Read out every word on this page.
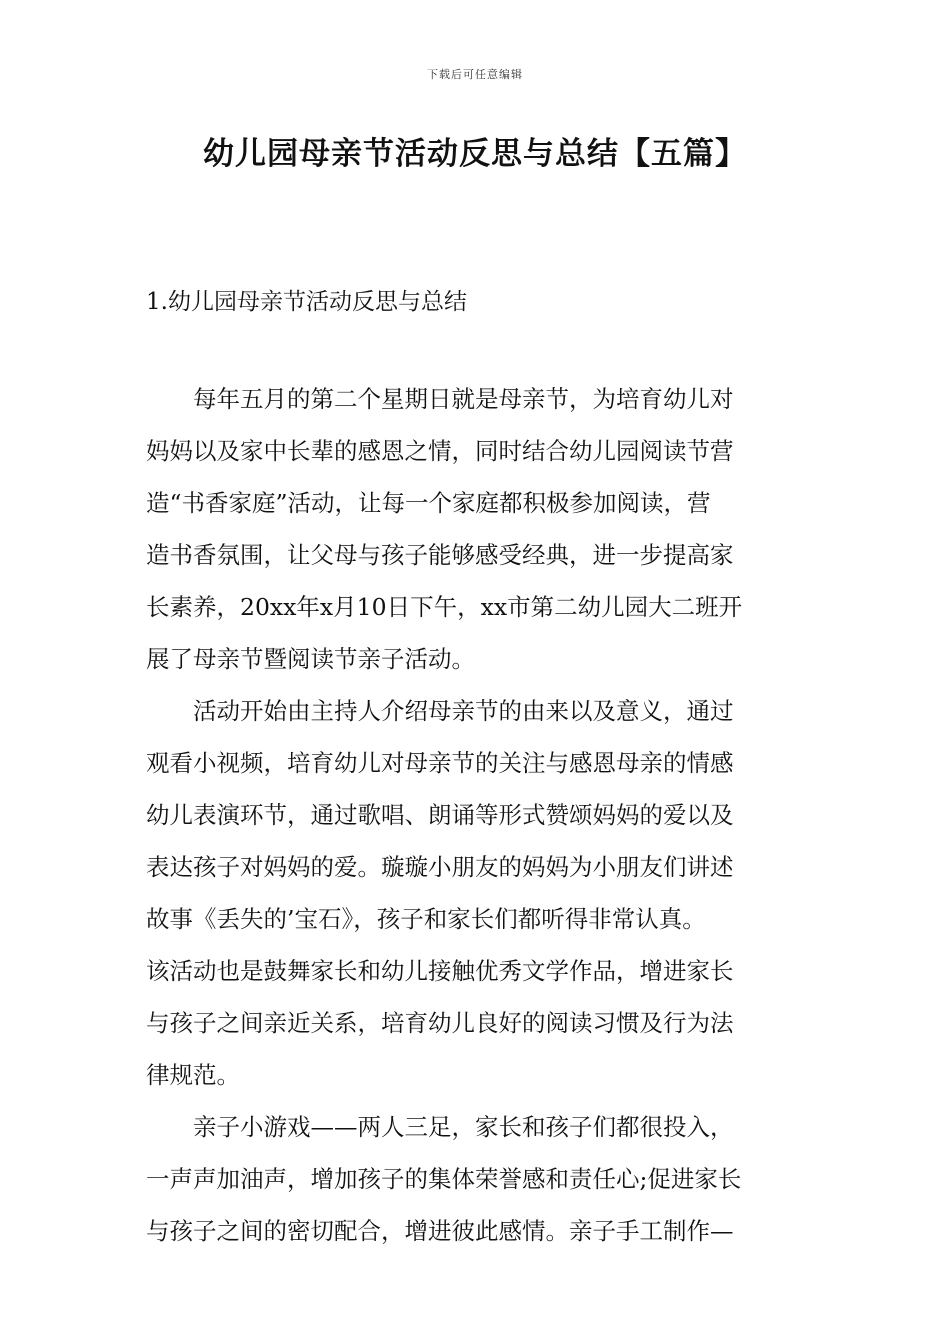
下载后可任意编辑
幼儿园母亲节活动反思与总结【五篇】
1.幼儿园母亲节活动反思与总结
　　每年五月的第二个星期日就是母亲节，为培育幼儿对
妈妈以及家中长辈的感恩之情，同时结合幼儿园阅读节营
造“书香家庭”活动，让每一个家庭都积极参加阅读，营
造书香氛围，让父母与孩子能够感受经典，进一步提高家
长素养，20xx年x月10日下午，xx市第二幼儿园大二班开
展了母亲节暨阅读节亲子活动。
　　活动开始由主持人介绍母亲节的由来以及意义，通过
观看小视频，培育幼儿对母亲节的关注与感恩母亲的情感
幼儿表演环节，通过歌唱、朗诵等形式赞颂妈妈的爱以及
表达孩子对妈妈的爱。璇璇小朋友的妈妈为小朋友们讲述
故事《丢失的’宝石》，孩子和家长们都听得非常认真。
该活动也是鼓舞家长和幼儿接触优秀文学作品，增进家长
与孩子之间亲近关系，培育幼儿良好的阅读习惯及行为法
律规范。
　　亲子小游戏——两人三足，家长和孩子们都很投入，
一声声加油声，增加孩子的集体荣誉感和责任心;促进家长
与孩子之间的密切配合，增进彼此感情。亲子手工制作—
